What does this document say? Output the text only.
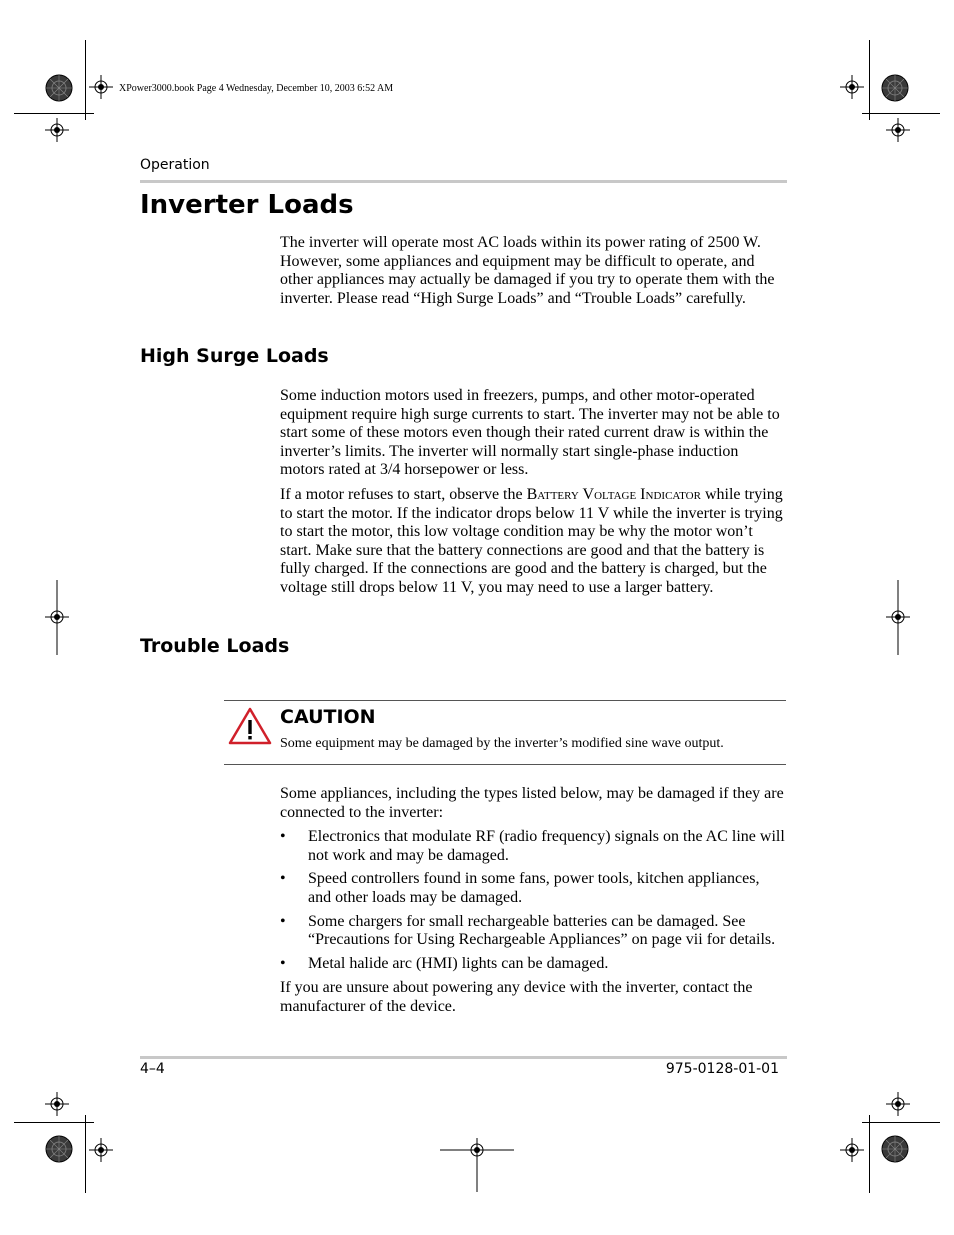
XPower3000.book Page 4 Wednesday, December 10, 2003 6:52 AM
Operation
Inverter Loads

The inverter will operate most AC loads within its power rating of 2500 W. However, some appliances and equipment may be difficult to operate, and other appliances may actually be damaged if you try to operate them with the inverter. Please read “High Surge Loads” and “Trouble Loads” carefully.

High Surge Loads

Some induction motors used in freezers, pumps, and other motor-operated equipment require high surge currents to start. The inverter may not be able to start some of these motors even though their rated current draw is within the inverter’s limits. The inverter will normally start single-phase induction motors rated at 3/4 horsepower or less.

If a motor refuses to start, observe the Battery Voltage Indicator while trying to start the motor. If the indicator drops below 11 V while the inverter is trying to start the motor, this low voltage condition may be why the motor won’t start. Make sure that the battery connections are good and that the battery is fully charged. If the connections are good and the battery is charged, but the voltage still drops below 11 V, you may need to use a larger battery.

Trouble Loads
CAUTION
Some equipment may be damaged by the inverter’s modified sine wave output.

Some appliances, including the types listed below, may be damaged if they are connected to the inverter:

• Electronics that modulate RF (radio frequency) signals on the AC line will not work and may be damaged.
• Speed controllers found in some fans, power tools, kitchen appliances, and other loads may be damaged.
• Some chargers for small rechargeable batteries can be damaged. See “Precautions for Using Rechargeable Appliances” on page vii for details.
• Metal halide arc (HMI) lights can be damaged.

If you are unsure about powering any device with the inverter, contact the manufacturer of the device.

4–4	975-0128-01-01
